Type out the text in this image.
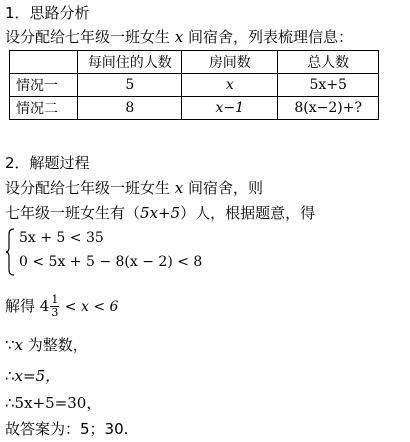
1．思路分析
设分配给七年级一班女生 x 间宿舍，列表梳理信息：
	每间住的人数	房间数	总人数
情况一	5	x	5x+5
情况二	8	x−1	8(x−2)+?
2．解题过程
设分配给七年级一班女生 x 间宿舍，则
七年级一班女生有（5x+5）人，根据题意，得
5x + 5 < 35
0 < 5x + 5 − 8(x − 2) < 8
解得 $4 \frac{1}{3} < x < 6$
∵x 为整数，
∴x=5，
∴5x+5=30，
故答案为：5；30.
